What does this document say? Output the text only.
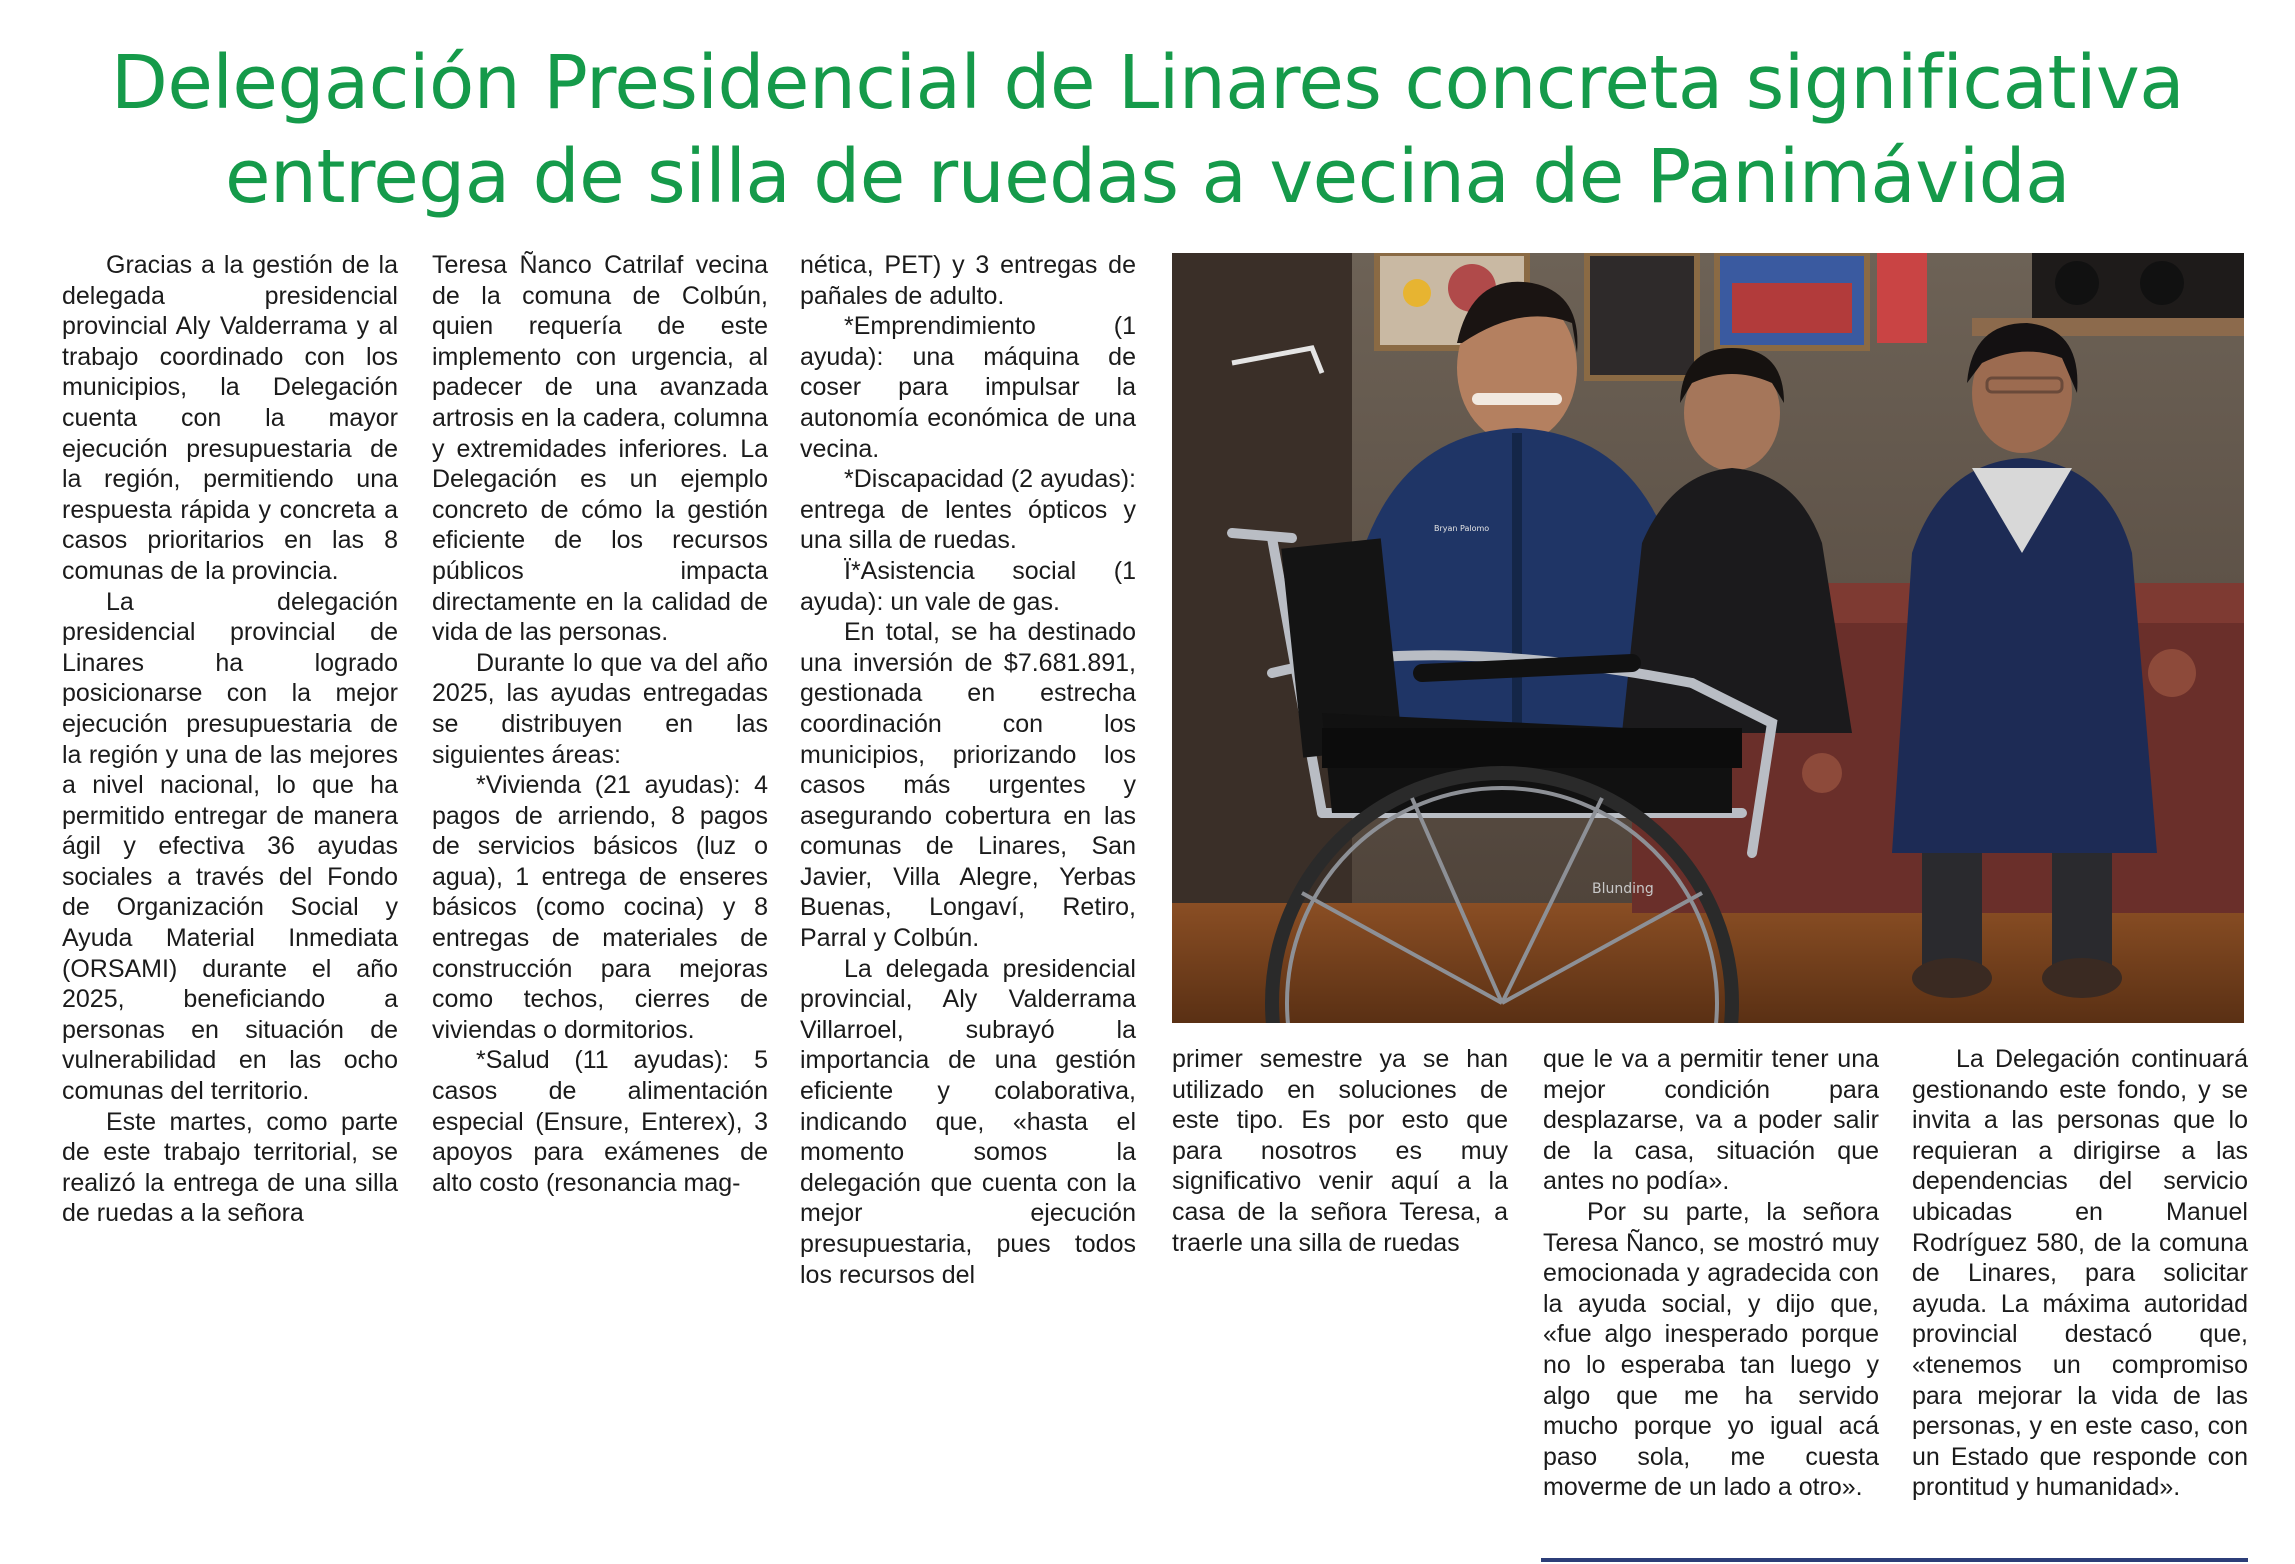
Delegación Presidencial de Linares concreta significativa entrega de silla de ruedas a vecina de Panimávida

Gracias a la gestión de la delegada presidencial provincial Aly Valderrama y al trabajo coordinado con los municipios, la Delegación cuenta con la mayor ejecución presupuestaria de la región, permitiendo una respuesta rápida y concreta a casos prioritarios en las 8 comunas de la provincia.

La delegación presidencial provincial de Linares ha logrado posicionarse con la mejor ejecución presupuestaria de la región y una de las mejores a nivel nacional, lo que ha permitido entregar de manera ágil y efectiva 36 ayudas sociales a través del Fondo de Organización Social y Ayuda Material Inmediata (ORSAMI) durante el año 2025, beneficiando a personas en situación de vulnerabilidad en las ocho comunas del territorio.

Este martes, como parte de este trabajo territorial, se realizó la entrega de una silla de ruedas a la señora

Teresa Ñanco Catrilaf vecina de la comuna de Colbún, quien requería de este implemento con urgencia, al padecer de una avanzada artrosis en la cadera, columna y extremidades inferiores. La Delegación es un ejemplo concreto de cómo la gestión eficiente de los recursos públicos impacta directamente en la calidad de vida de las personas.

Durante lo que va del año 2025, las ayudas entregadas se distribuyen en las siguientes áreas:

*Vivienda (21 ayudas): 4 pagos de arriendo, 8 pagos de servicios básicos (luz o agua), 1 entrega de enseres básicos (como cocina) y 8 entregas de materiales de construcción para mejoras como techos, cierres de viviendas o dormitorios.

*Salud (11 ayudas): 5 casos de alimentación especial (Ensure, Enterex), 3 apoyos para exámenes de alto costo (resonancia mag-

nética, PET) y 3 entregas de pañales de adulto.

*Emprendimiento (1 ayuda): una máquina de coser para impulsar la autonomía económica de una vecina.

*Discapacidad (2 ayudas): entrega de lentes ópticos y una silla de ruedas.

Ï*Asistencia social (1 ayuda): un vale de gas.

En total, se ha destinado una inversión de $7.681.891, gestionada en estrecha coordinación con los municipios, priorizando los casos más urgentes y asegurando cobertura en las comunas de Linares, San Javier, Villa Alegre, Yerbas Buenas, Longaví, Retiro, Parral y Colbún.

La delegada presidencial provincial, Aly Valderrama Villarroel, subrayó la importancia de una gestión eficiente y colaborativa, indicando que, «hasta el momento somos la delegación que cuenta con la mejor ejecución presupuestaria, pues todos los recursos del

Blunding
Bryan Palomo

primer semestre ya se han utilizado en soluciones de este tipo. Es por esto que para nosotros es muy significativo venir aquí a la casa de la señora Teresa, a traerle una silla de ruedas

que le va a permitir tener una mejor condición para desplazarse, va a poder salir de la casa, situación que antes no podía».

Por su parte, la señora Teresa Ñanco, se mostró muy emocionada y agradecida con la ayuda social, y dijo que, «fue algo inesperado porque no lo esperaba tan luego y algo que me ha servido mucho porque yo igual acá paso sola, me cuesta moverme de un lado a otro».

La Delegación continuará gestionando este fondo, y se invita a las personas que lo requieran a dirigirse a las dependencias del servicio ubicadas en Manuel Rodríguez 580, de la comuna de Linares, para solicitar ayuda. La máxima autoridad provincial destacó que, «tenemos un compromiso para mejorar la vida de las personas, y en este caso, con un Estado que responde con prontitud y humanidad».
